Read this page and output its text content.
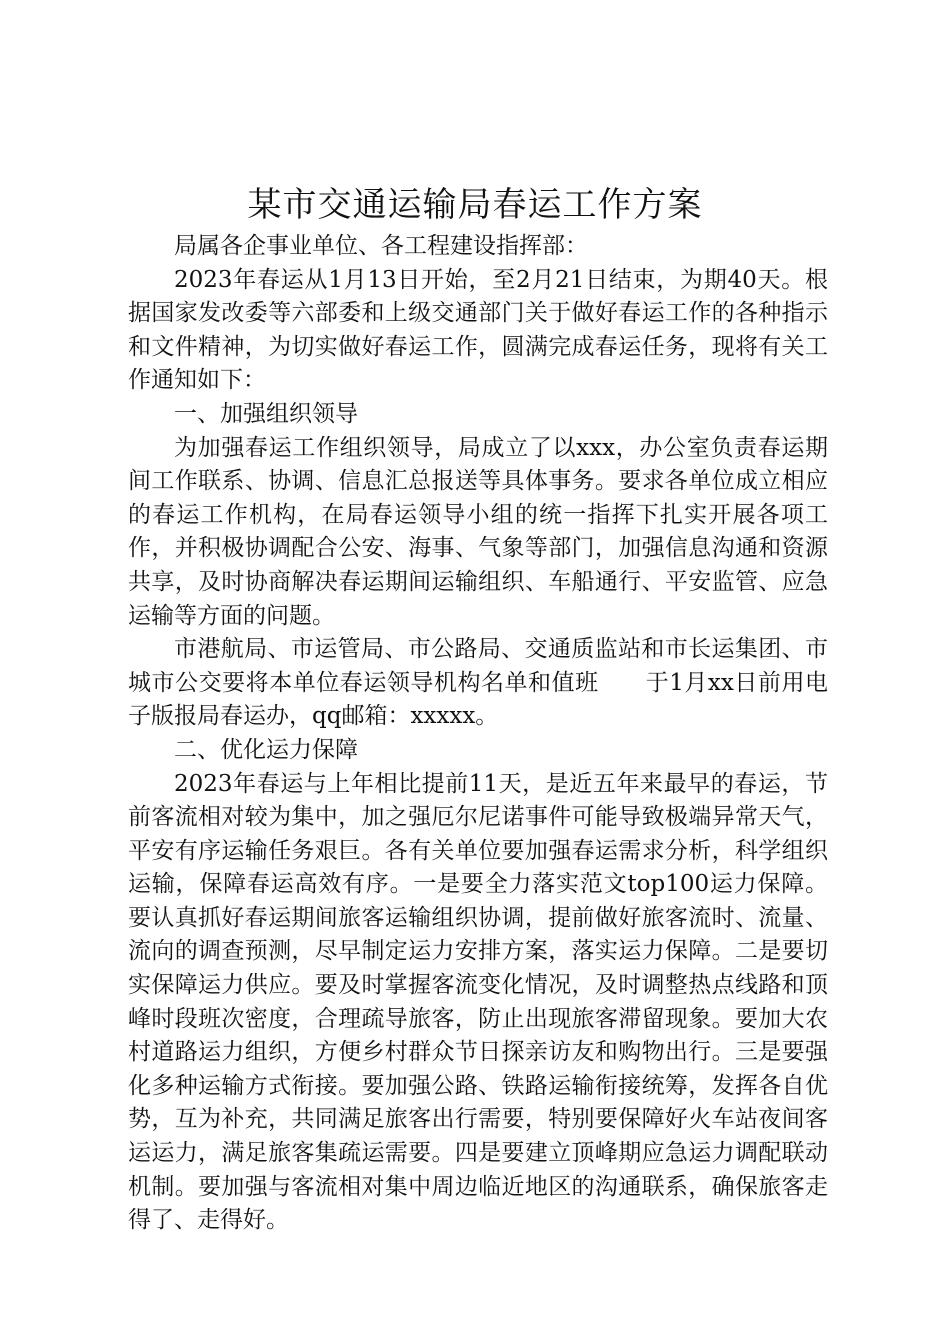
某市交通运输局春运工作方案

局属各企事业单位、各工程建设指挥部：

2023年春运从1月13日开始，至2月21日结束，为期40天。根据国家发改委等六部委和上级交通部门关于做好春运工作的各种指示和文件精神，为切实做好春运工作，圆满完成春运任务，现将有关工作通知如下：

一、加强组织领导

为加强春运工作组织领导，局成立了以xxx，办公室负责春运期间工作联系、协调、信息汇总报送等具体事务。要求各单位成立相应的春运工作机构，在局春运领导小组的统一指挥下扎实开展各项工作，并积极协调配合公安、海事、气象等部门，加强信息沟通和资源共享，及时协商解决春运期间运输组织、车船通行、平安监管、应急运输等方面的问题。

市港航局、市运管局、市公路局、交通质监站和市长运集团、市城市公交要将本单位春运领导机构名单和值班　　于1月xx日前用电子版报局春运办，qq邮箱：xxxxx。

二、优化运力保障

2023年春运与上年相比提前11天，是近五年来最早的春运，节前客流相对较为集中，加之强厄尔尼诺事件可能导致极端异常天气，平安有序运输任务艰巨。各有关单位要加强春运需求分析，科学组织运输，保障春运高效有序。一是要全力落实范文top100运力保障。要认真抓好春运期间旅客运输组织协调，提前做好旅客流时、流量、流向的调查预测，尽早制定运力安排方案，落实运力保障。二是要切实保障运力供应。要及时掌握客流变化情况，及时调整热点线路和顶峰时段班次密度，合理疏导旅客，防止出现旅客滞留现象。要加大农村道路运力组织，方便乡村群众节日探亲访友和购物出行。三是要强化多种运输方式衔接。要加强公路、铁路运输衔接统筹，发挥各自优势，互为补充，共同满足旅客出行需要，特别要保障好火车站夜间客运运力，满足旅客集疏运需要。四是要建立顶峰期应急运力调配联动机制。要加强与客流相对集中周边临近地区的沟通联系，确保旅客走得了、走得好。
